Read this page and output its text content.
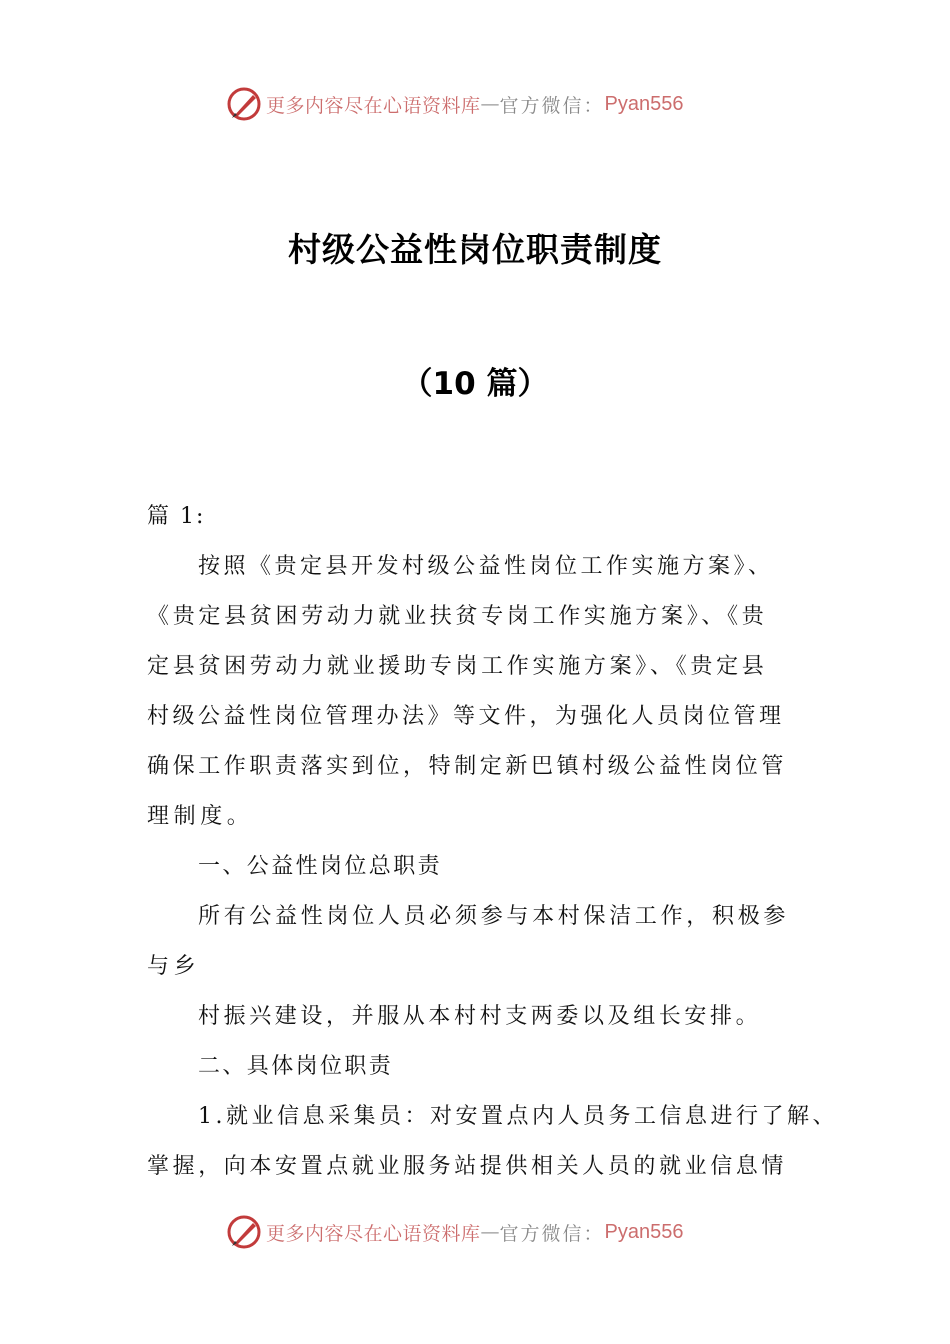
更多内容尽在心语资料库 — 官方微信： Pyan556
村级公益性岗位职责制度
（10 篇）
篇 1:
按照《贵定县开发村级公益性岗位工作实施方案》、
《贵定县贫困劳动力就业扶贫专岗工作实施方案》、《贵
定县贫困劳动力就业援助专岗工作实施方案》、《贵定县
村级公益性岗位管理办法》等文件，为强化人员岗位管理
确保工作职责落实到位，特制定新巴镇村级公益性岗位管
理制度。
一、公益性岗位总职责
所有公益性岗位人员必须参与本村保洁工作，积极参
与乡
村振兴建设，并服从本村村支两委以及组长安排。
二、具体岗位职责
1.就业信息采集员：对安置点内人员务工信息进行了解、
掌握，向本安置点就业服务站提供相关人员的就业信息情
更多内容尽在心语资料库 — 官方微信： Pyan556
